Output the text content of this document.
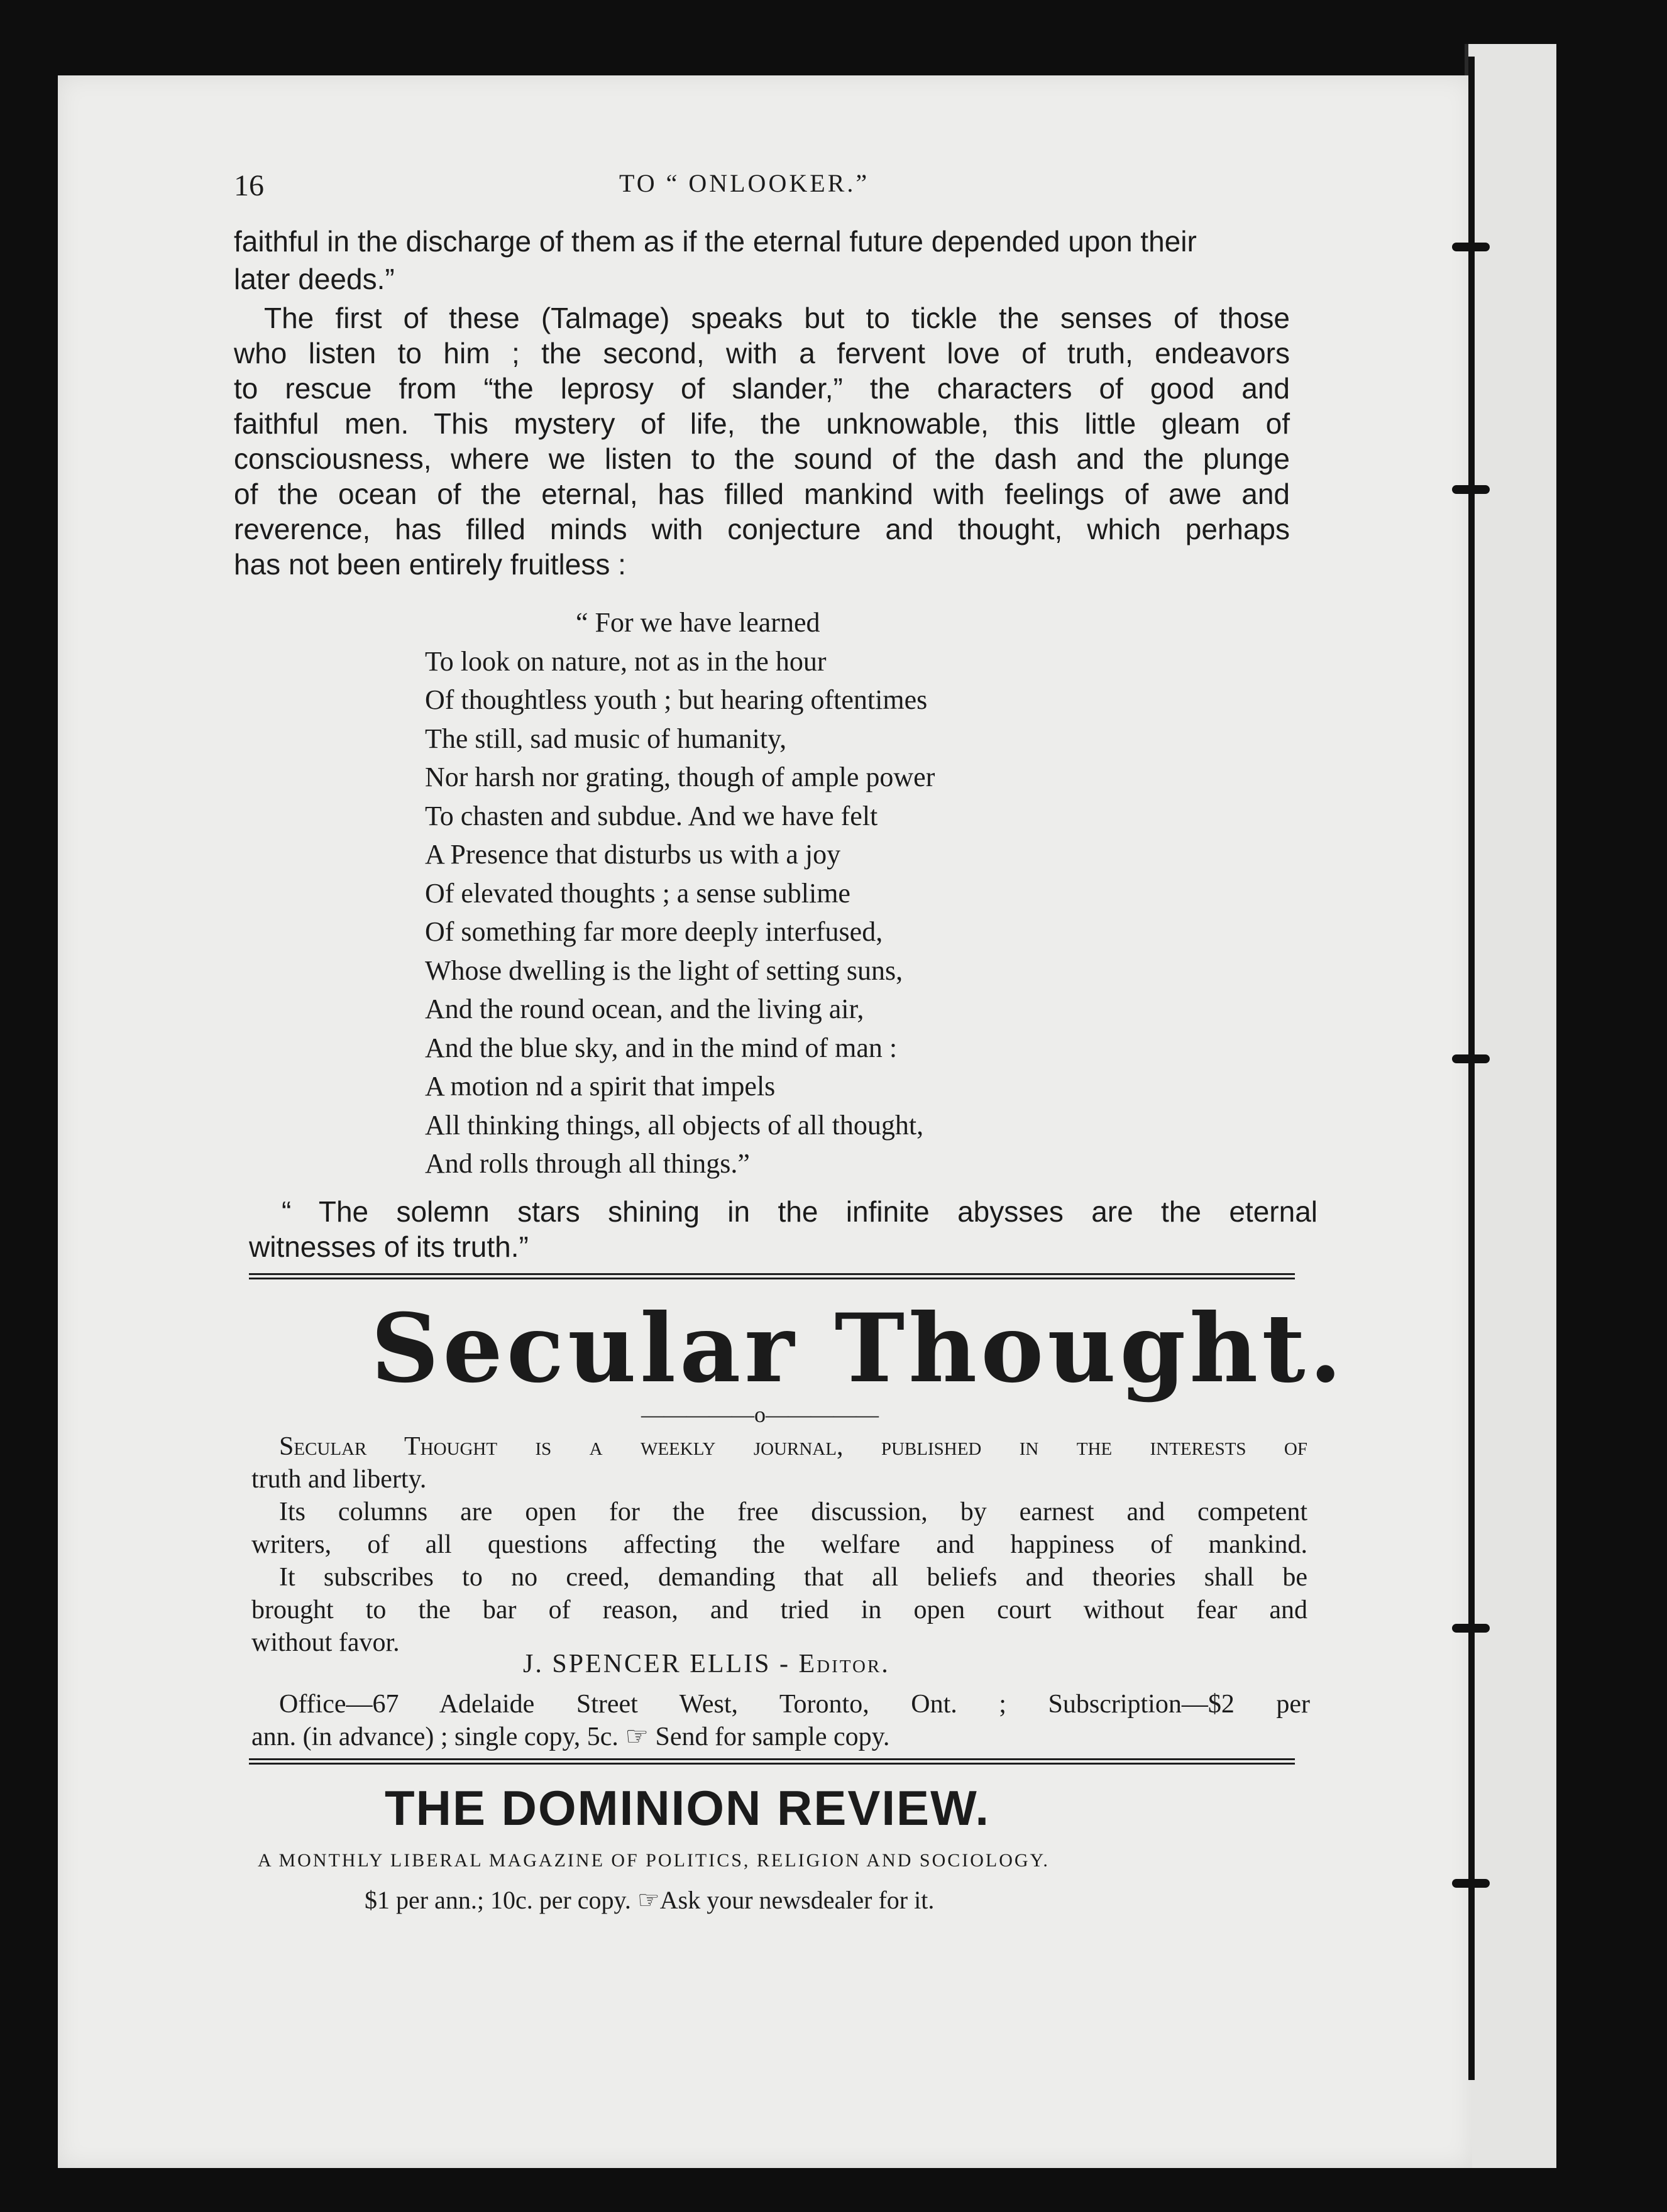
16	TO “ ONLOOKER.”
faithful in the discharge of them as if the eternal future depended upon their
later deeds.”
The first of these (Talmage) speaks but to tickle the senses of those
who listen to him ; the second, with a fervent love of truth, endeavors
to rescue from “the leprosy of slander,” the characters of good and
faithful men. This mystery of life, the unknowable, this little gleam of
consciousness, where we listen to the sound of the dash and the plunge
of the ocean of the eternal, has filled mankind with feelings of awe and
reverence, has filled minds with conjecture and thought, which perhaps
has not been entirely fruitless :
“ For we have learned
To look on nature, not as in the hour
Of thoughtless youth ; but hearing oftentimes
The still, sad music of humanity,
Nor harsh nor grating, though of ample power
To chasten and subdue. And we have felt
A Presence that disturbs us with a joy
Of elevated thoughts ; a sense sublime
Of something far more deeply interfused,
Whose dwelling is the light of setting suns,
And the round ocean, and the living air,
And the blue sky, and in the mind of man :
A motion nd a spirit that impels
All thinking things, all objects of all thought,
And rolls through all things.”
“ The solemn stars shining in the infinite abysses are the eternal
witnesses of its truth.”
Secular Thought.
—————o—————
Secular Thought is a weekly journal, published in the interests of
truth and liberty.
Its columns are open for the free discussion, by earnest and competent
writers, of all questions affecting the welfare and happiness of mankind.
It subscribes to no creed, demanding that all beliefs and theories shall be
brought to the bar of reason, and tried in open court without fear and
without favor.
J. SPENCER ELLIS - Editor.
Office—67 Adelaide Street West, Toronto, Ont. ; Subscription—$2 per
ann. (in advance) ; single copy, 5c. ☞ Send for sample copy.
THE DOMINION REVIEW.
A MONTHLY LIBERAL MAGAZINE OF POLITICS, RELIGION AND SOCIOLOGY.
$1 per ann.; 10c. per copy. ☞Ask your newsdealer for it.
